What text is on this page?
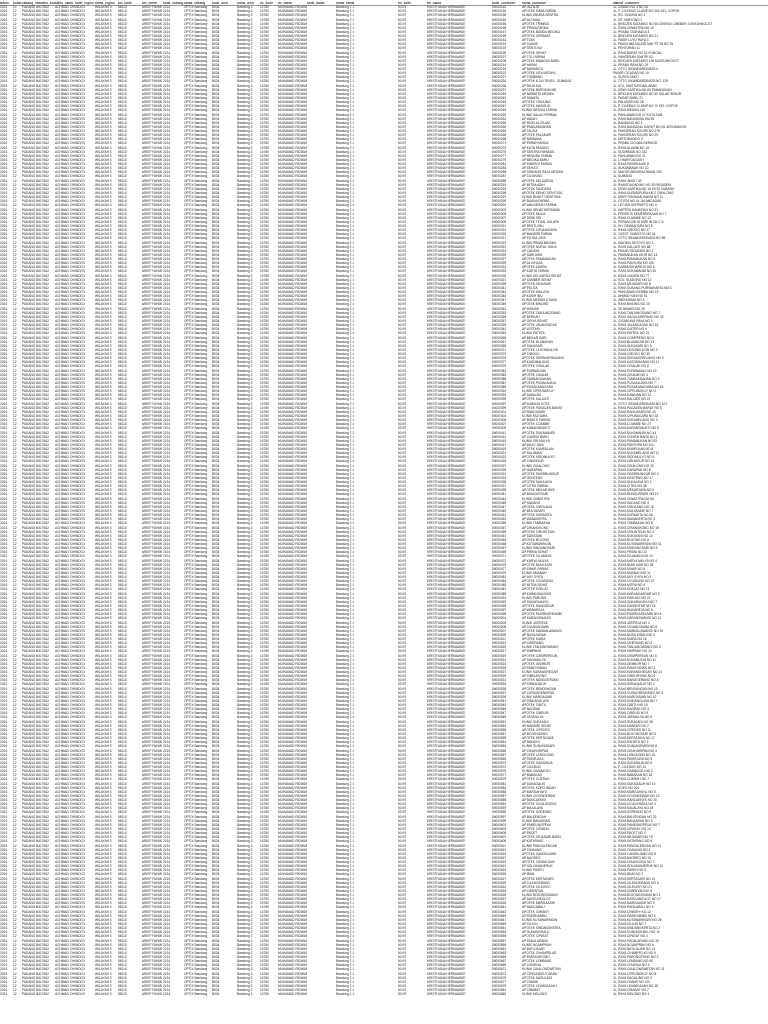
tahun	bulan cabang_na sales_ko sales_nama kode_region nama_region am_kode	am_nama	kode_cabang nama_cabang	kode_area	nama_area	dc_kode	dc_nama	kode_kanal	nama_kanal	tm_kode	tm_nama	kode_customer	nama_customer	alamat_customer
2024	12	PADANG BA 17662	ACHMAD CH INDO3	WILAYAH 3	58110	ARIEF FAHMI 2134	OPTIX Bandung	B034	Bandung 3	14780	MUHAMAD RIDWAN	Bandung 2 1	50.09	KRISTIYANA HERMAWATI	50000145	AP. ALFAJR	JL. GRAND NO 3 NO 25
2024	12	PADANG BA 17662	ACHMAD CH INDO3	WILAYAH 3	58110	ARIEF FAHMI 2134	OPTIX Bandung	B034	Bandung 3	14780	MUHAMAD RIDWAN	Bandung 2 1	50.09	KRISTIYANA HERMAWATI	50000146	APOTEK KIMIA FARMA	JL. P. CILEDUG CLUMP NO 101 KEL. KOPOK
2024	12	PADANG BA 17662	ACHMAD CH INDO3	WILAYAH 3	58110	ARIEF FAHMI 2134	OPTIX Bandung	B034	Bandung 3	14780	MUHAMAD RIDWAN	Bandung 2 1	50.09	KRISTIYANA HERMAWATI	50000158	KLINIK ANNISA SENTRA	JL. RD. SUDAYA NO 1
2024	12	PADANG BA 17662	ACHMAD CH INDO3	WILAYAH 3	58110	ARIEF FAHMI 2134	OPTIX Bandung	B034	Bandung 3	14780	MUHAMAD RIDWAN	Bandung 2 1	50.09	KRISTIYANA HERMAWATI	50000162	AP.ALFIANA	JL. MT HARYONO 2
2024	12	PADANG BA 17662	ACHMAD CH INDO3	WILAYAH 3	58110	ARIEF FAHMI 2134	OPTIX Bandung	B034	Bandung 3	14780	MUHAMAD RIDWAN	Bandung 2 1	50.09	KRISTIYANA HERMAWATI	50000165	APOTEK TRIMEDI	JL. BRIGJEN KATAMSO NO 65 CIKERAI CIBEBER, DAYEUHKOLOT
2024	12	PADANG BA 17662	ACHMAD CH INDO3	WILAYAH 3	58110	ARIEF FAHMI 2134	OPTIX Bandung	B034	Bandung 3	14780	MUHAMAD RIDWAN	Bandung 2 1	50.09	KRISTIYANA HERMAWATI	50000166	AP.PRIMA FARMA	JL. RAYA CIWASTRA NO 10
2024	12	PADANG BA 17662	ACHMAD CH INDO3	WILAYAH 3	58110	ARIEF FAHMI 2134	OPTIX Bandung	B034	Bandung 3	14780	MUHAMAD RIDWAN	Bandung 2 1	50.09	KRISTIYANA HERMAWATI	50000167	APOTEK BUNDA MEDIKA	JL. PRABU TAJIHAULA 4
2024	12	PADANG BA 17662	ACHMAD CH INDO3	WILAYAH 3	58110	ARIEF FAHMI 2134	OPTIX Bandung	B034	Bandung 3	14780	MUHAMAD RIDWAN	Bandung 2 1	50.09	KRISTIYANA HERMAWATI	50000169	APOTEK CERIMAS	JL. BRIGJEN KATAMSO NO 21
2024	12	PADANG BA 17662	ACHMAD CH INDO3	WILAYAH 3	58110	ARIEF FAHMI 2134	OPTIX Bandung	B034	Bandung 3	14780	MUHAMAD RIDWAN	Bandung 2 1	50.09	KRISTIYANA HERMAWATI	50000181	AP.TUMI	JL. PASIR LUYU RAYA 3
2024	12	PADANG BA 17662	ACHMAD CH INDO3	WILAYAH 3	58110	ARIEF FAHMI 2134	OPTIX Bandung	B034	Bandung 3	14780	MUHAMAD RIDWAN	Bandung 2 1	50.09	KRISTIYANA HERMAWATI	50000191	AP.CIAMIS	JL. PANGLIMA MAJOR MAY PT 28 NO 25
2024	12	PADANG BA 17662	ACHMAD CH INDO3	WILAYAH 3	58110	ARIEF FAHMI 2134	OPTIX Bandung	B034	Bandung 3	14780	MUHAMAD RIDWAN	Bandung 2 1	50.09	KRISTIYANA HERMAWATI	50000193	AP.SENTOSA	JL. PENTURAN 11
2024	12	PADANG BA 17662	ACHMAD CH INDO3	WILAYAH 3	58110	ARIEF FAHMI 2134	OPTIX Bandung	B034	Bandung 3	14780	MUHAMAD RIDWAN	Bandung 2 1	50.09	KRISTIYANA HERMAWATI	50000195	APOTEK SEHAT	JL. RAYA BARAT NO 51 PUNCAK
2024	12	PADANG BA 17662	ACHMAD CH INDO3	WILAYAH 3	58110	ARIEF FAHMI 2134	OPTIX Bandung	B034	Bandung 3	14780	MUHAMAD RIDWAN	Bandung 2 1	50.09	KRISTIYANA HERMAWATI	50000197	AP.TOLI NIRWA	JL. PANGERAN SANTRI 62
2024	12	PADANG BA 17662	ACHMAD CH INDO3	WILAYAH 3	58110	ARIEF FAHMI 2134	OPTIX Bandung	B034	Bandung 3	14780	MUHAMAD RIDWAN	Bandung 2 1	50.09	KRISTIYANA HERMAWATI	50000205	APOTEK WANGSA BARU	JL. BRIGJEN KATAMSO 199 DAYEUHKOLOT
2024	12	PADANG BA 17662	ACHMAD CH INDO3	WILAYAH 3	58110	ARIEF FAHMI 2134	OPTIX Bandung	B034	Bandung 3	14780	MUHAMAD RIDWAN	Bandung 2 1	50.09	KRISTIYANA HERMAWATI	50000214	AP.HAKIM	JL. PRABU RAYA NO 29
2024	12	PADANG BA 17662	ACHMAD CH INDO3	WILAYAH 3	58110	ARIEF FAHMI 2134	OPTIX Bandung	B034	Bandung 3	14780	MUHAMAD RIDWAN	Bandung 2 1	50.09	KRISTIYANA HERMAWATI	50000219	AP.NAMANGO	JL. OTTO ISKANDARDINATA 4
2024	12	PADANG BA 17662	ACHMAD CH INDO3	WILAYAH 3	58110	ARIEF FAHMI 2134	OPTIX Bandung	B034	Bandung 3	14780	MUHAMAD RIDWAN	Bandung 2 1	50.09	KRISTIYANA HERMAWATI	50000222	APOTEK VITA MEDIKA	PASAR CICADAS NO 19
2024	12	PADANG BA 17662	ACHMAD CH INDO3	WILAYAH 3	58110	ARIEF FAHMI 2134	OPTIX Bandung	B034	Bandung 3	14780	MUHAMAD RIDWAN	Bandung 2 1	50.09	KRISTIYANA HERMAWATI	50000227	AP.TUMBANG	JL. SURYA SAKTI
2024	12	PADANG BA 17662	ACHMAD CH INDO3	WILAYAH 3	58110	ARIEF FAHMI 2134	OPTIX Bandung	B034	Bandung 3	14780	MUHAMAD RIDWAN	Bandung 2 1	50.09	KRISTIYANA HERMAWATI	50000234	APOTEK K-24 ITENTA - SUMANG	JL. OTTO ISKANDARDINATA NO. 129
2024	12	PADANG BA 17662	ACHMAD CH INDO3	WILAYAH 3	58110	ARIEF FAHMI 2134	OPTIX Bandung	B034	Bandung 3	14780	MUHAMAD RIDWAN	Bandung 2 1	50.09	KRISTIYANA HERMAWATI	50000236	AP.RAJA IDA	JL. KOL. MASTURI MALABAR
2024	12	PADANG BA 17662	ACHMAD CH INDO3	WILAYAH 3	58110	ARIEF FAHMI 2134	OPTIX Bandung	B034	Bandung 3	14780	MUHAMAD RIDWAN	Bandung 2 1	50.09	KRISTIYANA HERMAWATI	50000237	APOTEK BAROKAH 88	JL. DEWI SARTIKA NO 65 PAMANUKAN
2024	12	PADANG BA 17662	ACHMAD CH INDO3	WILAYAH 3	58110	ARIEF FAHMI 2134	OPTIX Bandung	B034	Bandung 3	14780	MUHAMAD RIDWAN	Bandung 2 1	50.09	KRISTIYANA HERMAWATI	50000240	AP.NAWATRI MEDIKA	JL. BRIGJEN KATAMSO NO 40 SALAE SEBUR
2024	12	PADANG BA 17662	ACHMAD CH INDO3	WILAYAH 3	58110	ARIEF FAHMI 2134	OPTIX Bandung	B034	Bandung 3	14780	MUHAMAD RIDWAN	Bandung 2 1	50.09	KRISTIYANA HERMAWATI	50000243	AP.SANATA	JL. PASAR BARU 21
2024	12	PADANG BA 17662	ACHMAD CH INDO3	WILAYAH 3	58110	ARIEF FAHMI 2134	OPTIX Bandung	B034	Bandung 3	14780	MUHAMAD RIDWAN	Bandung 2 1	50.09	KRISTIYANA HERMAWATI	50000245	APOTEK TANJUNG	JL. PALASARI NO 26
2024	12	PADANG BA 17662	ACHMAD CH INDO3	WILAYAH 3	58110	ARIEF FAHMI 2134	OPTIX Bandung	B034	Bandung 3	14780	MUHAMAD RIDWAN	Bandung 2 1	50.09	KRISTIYANA HERMAWATI	50000247	APOTEK MANGLID	JL. P. CILEDUG CLUMP NO 70 KEL. KOPOK
2024	12	PADANG BA 17662	ACHMAD CH INDO3	WILAYAH 3	58110	ARIEF FAHMI 2134	OPTIX Bandung	B034	Bandung 3	14780	MUHAMAD RIDWAN	Bandung 2 1	50.09	KRISTIYANA HERMAWATI	50000249	KLINIK MEDIKA FARMA	JL. RAYA MEDIKA 116
2024	12	PADANG BA 17662	ACHMAD CH INDO3	WILAYAH 3	58110	ARIEF FAHMI 2134	OPTIX Bandung	B034	Bandung 3	14780	MUHAMAD RIDWAN	Bandung 2 1	50.09	KRISTIYANA HERMAWATI	50000252	KLINIK SALAH PERMAI	JL. PAHLAWAN NO 47 KOTA SUB
2024	12	PADANG BA 17662	ACHMAD CH INDO3	WILAYAH 3	58110	ARIEF FAHMI 2134	OPTIX Bandung	B034	Bandung 3	14780	MUHAMAD RIDWAN	Bandung 2 1	50.09	KRISTIYANA HERMAWATI	50000253	AP.INDAH	JL. RAYA BANJARAN KM 25
2024	12	PADANG BA 17662	ACHMAD CH INDO3	WILAYAH 3	58110	ARIEF FAHMI 2134	OPTIX Bandung	B034	Bandung 3	14780	MUHAMAD RIDWAN	Bandung 2 1	50.09	KRISTIYANA HERMAWATI	50000255	AP.RIZKI AL ISLAM	JL. BANDUNG NO 1
2024	12	PADANG BA 17662	ACHMAD CH INDO3	WILAYAH 3	58110	ARIEF FAHMI 2134	OPTIX Bandung	B034	Bandung 3	14780	MUHAMAD RIDWAN	Bandung 2 1	50.09	KRISTIYANA HERMAWATI	50000260	AP.PANGANDARAN	JL. RAYA BANDUNG GARUT NO 25 JATINANGOR
2024	12	PADANG BA 17662	ACHMAD CH INDO3	WILAYAH 3	58110	ARIEF FAHMI 2134	OPTIX Bandung	B034	Bandung 3	14780	MUHAMAD RIDWAN	Bandung 2 1	50.09	KRISTIYANA HERMAWATI	50000264	AP.TALIKA	JL. PANGERAN SOGIRI NO 278
2024	12	PADANG BA 17662	ACHMAD CH INDO3	WILAYAH 3	58110	ARIEF FAHMI 2134	OPTIX Bandung	B034	Bandung 3	14780	MUHAMAD RIDWAN	Bandung 2 1	50.09	KRISTIYANA HERMAWATI	50000266	APOTEK PALAKARI	JL. PANGERAN SOGIRI NO 29
2024	12	PADANG BA 17662	ACHMAD CH INDO3	WILAYAH 3	58110	ARIEF FAHMI 2134	OPTIX Bandung	B034	Bandung 3	14780	MUHAMAD RIDWAN	Bandung 2 1	50.09	KRISTIYANA HERMAWATI	50000268	AP.NIRWANA	JL. KIRTONADIDO 4
2024	12	PADANG BA 17662	ACHMAD CH INDO3	WILAYAH 3	58110	ARIEF FAHMI 2134	OPTIX Bandung	B034	Bandung 3	14780	MUHAMAD RIDWAN	Bandung 2 1	50.09	KRISTIYANA HERMAWATI	50000271	AP.PARAHYANGA	JL. PRABU CICUMA GERAGD
2024	12	PADANG BA 17662	ACHMAD CH INDO3	WILAYAH 3	58110	ARIEF FAHMI 2134	OPTIX Bandung	B034	Bandung 3	14780	MUHAMAD RIDWAN	Bandung 2 1	50.09	KRISTIYANA HERMAWATI	50000273	AP.KUTA PASUNG	JL. RAYA ALUMNI NO 19
2024	12	PADANG BA 17662	ACHMAD CH INDO3	WILAYAH 3	58110	ARIEF FAHMI 2134	OPTIX Bandung	B034	Bandung 3	14780	MUHAMAD RIDWAN	Bandung 2 1	50.09	KRISTIYANA HERMAWATI	50000275	AP.SENTRA FARMASI	JL. SUDIRMAN NO 162
2024	12	PADANG BA 17662	ACHMAD CH INDO3	WILAYAH 3	58110	ARIEF FAHMI 2134	OPTIX Bandung	B034	Bandung 3	14780	MUHAMAD RIDWAN	Bandung 2 1	50.09	KRISTIYANA HERMAWATI	50000277	AP.HENDRA FARMA	JL. PAHLAWAN NO 21
2024	12	PADANG BA 17662	ACHMAD CH INDO3	WILAYAH 3	58110	ARIEF FAHMI 2134	OPTIX Bandung	B034	Bandung 3	14780	MUHAMAD RIDWAN	Bandung 2 1	50.09	KRISTIYANA HERMAWATI	50000279	AP.MEDIKA BARU	JL. LI HARYOAGATH
2024	12	PADANG BA 17662	ACHMAD CH INDO3	WILAYAH 3	58110	ARIEF FAHMI 2134	OPTIX Bandung	B034	Bandung 3	14780	MUHAMAD RIDWAN	Bandung 2 1	50.09	KRISTIYANA HERMAWATI	50000281	AP.SINERGI FARMA	JL. RAYA PASIRKALIKI 8
2024	12	PADANG BA 17662	ACHMAD CH INDO3	WILAYAH 3	58110	ARIEF FAHMI 2134	OPTIX Bandung	B034	Bandung 3	14780	MUHAMAD RIDWAN	Bandung 2 1	50.09	KRISTIYANA HERMAWATI	50000283	AP.SEHATI	JL. SUKAMANAH NO 10
2024	12	PADANG BA 17662	ACHMAD CH INDO3	WILAYAH 3	58110	ARIEF FAHMI 2134	OPTIX Bandung	B034	Bandung 3	14780	MUHAMAD RIDWAN	Bandung 2 1	50.09	KRISTIYANA HERMAWATI	50000285	AP.SINDANG RAJA MEDIKA	JL. MAYOR ABDURACHMAN 192
2024	12	PADANG BA 17662	ACHMAD CH INDO3	WILAYAH 3	58110	ARIEF FAHMI 2134	OPTIX Bandung	B034	Bandung 3	14780	MUHAMAD RIDWAN	Bandung 2 1	50.09	KRISTIYANA HERMAWATI	50000287	AP.CILIWUNG	JL. SUMANG
2024	12	PADANG BA 17662	ACHMAD CH INDO3	WILAYAH 3	58110	ARIEF FAHMI 2134	OPTIX Bandung	B034	Bandung 3	14780	MUHAMAD RIDWAN	Bandung 2 1	50.09	KRISTIYANA HERMAWATI	50000289	APOTEK KELUARGA	JL. RAYA JINGIT 40
2024	12	PADANG BA 17662	ACHMAD CH INDO3	WILAYAH 3	58110	ARIEF FAHMI 2134	OPTIX Bandung	B034	Bandung 3	14780	MUHAMAD RIDWAN	Bandung 2 1	50.09	KRISTIYANA HERMAWATI	50000291	AP.MITRA ASIH	JL. RANGGAGADING NO 30 PAGADEN
2024	12	PADANG BA 17662	ACHMAD CH INDO3	WILAYAH 3	58110	ARIEF FAHMI 2134	OPTIX Bandung	B034	Bandung 3	14780	MUHAMAD RIDWAN	Bandung 2 1	50.09	KRISTIYANA HERMAWATI	50000293	APOTEK SAUDARA	JL. DEWI SARTIKA NO 18 KOTA SUBANG
2024	12	PADANG BA 17662	ACHMAD CH INDO3	WILAYAH 3	58110	ARIEF FAHMI 2134	OPTIX Bandung	B034	Bandung 3	14780	MUHAMAD RIDWAN	Bandung 2 1	50.09	KRISTIYANA HERMAWATI	50000295	APOTEK SEHAT SENTOSA	JL. RAYA SURADIPURA KM 2 CIBALONG
2024	12	PADANG BA 17662	ACHMAD CH INDO3	WILAYAH 3	58110	ARIEF FAHMI 2134	OPTIX Bandung	B034	Bandung 3	14780	MUHAMAD RIDWAN	Bandung 2 1	50.09	KRISTIYANA HERMAWATI	50000297	KLINIK BHAKTI SENTOSA	JL. ARIEF RAHMAN HAKIM NO 11
2024	12	PADANG BA 17662	ACHMAD CH INDO3	WILAYAH 3	58110	ARIEF FAHMI 2134	OPTIX Bandung	B034	Bandung 3	14780	MUHAMAD RIDWAN	Bandung 2 1	50.09	KRISTIYANA HERMAWATI	50000299	AP.BUANA FARMA	JL. OTISTA NO 44 JALANCAGAK
2024	12	PADANG BA 17662	ACHMAD CH INDO3	WILAYAH 3	58110	ARIEF FAHMI 2134	OPTIX Bandung	B034	Bandung 3	14780	MUHAMAD RIDWAN	Bandung 2 1	50.09	KRISTIYANA HERMAWATI	50000301	AP.ANUGERAH FARMA	JL. LETJEN SUPRAPTO NO 3
2024	12	PADANG BA 17662	ACHMAD CH INDO3	WILAYAH 3	58110	ARIEF FAHMI 2134	OPTIX Bandung	B034	Bandung 3	14780	MUHAMAD RIDWAN	Bandung 2 1	50.09	KRISTIYANA HERMAWATI	50000303	KLINIK SEHAT BERSAMA	JL. KAPTEN HANAFIAH NO 51
2024	12	PADANG BA 17662	ACHMAD CH INDO3	WILAYAH 3	58110	ARIEF FAHMI 2134	OPTIX Bandung	B034	Bandung 3	14780	MUHAMAD RIDWAN	Bandung 2 1	50.09	KRISTIYANA HERMAWATI	50000305	APOTEK MULIA	JL. PERINTIS KEMERDEKAAN NO 7
2024	12	PADANG BA 17662	ACHMAD CH INDO3	WILAYAH 3	58110	ARIEF FAHMI 2134	OPTIX Bandung	B034	Bandung 3	14780	MUHAMAD RIDWAN	Bandung 2 1	50.09	KRISTIYANA HERMAWATI	50000307	AP.DEWI SRI	JL. RAYA CIJAMBE NO 12
2024	12	PADANG BA 17662	ACHMAD CH INDO3	WILAYAH 3	58110	ARIEF FAHMI 2134	OPTIX Bandung	B034	Bandung 3	14780	MUHAMAD RIDWAN	Bandung 2 1	50.09	KRISTIYANA HERMAWATI	50000309	APOTEK TEGAL KALAPA	JL. PERUM GRIYA ASRI BLOK C 5
2024	12	PADANG BA 17662	ACHMAD CH INDO3	WILAYAH 3	58110	ARIEF FAHMI 2134	OPTIX Bandung	B034	Bandung 3	14780	MUHAMAD RIDWAN	Bandung 2 1	50.09	KRISTIYANA HERMAWATI	50000311	AP.RESTU IBU	JL. KH. DEWANTARA NO 8
2024	12	PADANG BA 17662	ACHMAD CH INDO3	WILAYAH 3	58110	ARIEF FAHMI 2134	OPTIX Bandung	B034	Bandung 3	14780	MUHAMAD RIDWAN	Bandung 2 1	50.09	KRISTIYANA HERMAWATI	50000313	APOTEK CIPUNAGARA	JL. RAYA CIBOGO NO 17
2024	12	PADANG BA 17662	ACHMAD CH INDO3	WILAYAH 3	58110	ARIEF FAHMI 2134	OPTIX Bandung	B034	Bandung 3	14780	MUHAMAD RIDWAN	Bandung 2 1	50.09	KRISTIYANA HERMAWATI	50000315	AP.MANDIRI FARMA	JL. GATOT SUBROTO NO 24
2024	12	PADANG BA 17662	ACHMAD CH INDO3	WILAYAH 3	58110	ARIEF FAHMI 2134	OPTIX Bandung	B034	Bandung 3	14780	MUHAMAD RIDWAN	Bandung 2 1	50.09	KRISTIYANA HERMAWATI	50000317	AP.PUTRA JAYA	JL. OTTO ISKANDARDINATA NO 56
2024	12	PADANG BA 17662	ACHMAD CH INDO3	WILAYAH 3	58110	ARIEF FAHMI 2134	OPTIX Bandung	B034	Bandung 3	14780	MUHAMAD RIDWAN	Bandung 2 1	50.09	KRISTIYANA HERMAWATI	50000319	KLINIK PRIMA MEDIKA	JL. MAYJEN SUTOYO NO 3
2024	12	PADANG BA 17662	ACHMAD CH INDO3	WILAYAH 3	58110	ARIEF FAHMI 2134	OPTIX Bandung	B034	Bandung 3	14780	MUHAMAD RIDWAN	Bandung 2 1	50.09	KRISTIYANA HERMAWATI	50000321	APOTEK NURUL HUDA	JL. RAYA KALIJATI NO 88
2024	12	PADANG BA 17662	ACHMAD CH INDO3	WILAYAH 3	58110	ARIEF FAHMI 2134	OPTIX Bandung	B034	Bandung 3	14780	MUHAMAD RIDWAN	Bandung 2 1	50.09	KRISTIYANA HERMAWATI	50000323	AP.CAHAYA	JL. PASAR PAGADEN NO 2
2024	12	PADANG BA 17662	ACHMAD CH INDO3	WILAYAH 3	58110	ARIEF FAHMI 2134	OPTIX Bandung	B034	Bandung 3	14780	MUHAMAD RIDWAN	Bandung 2 1	50.09	KRISTIYANA HERMAWATI	50000325	AP.SARI ASIH	JL. PAMANUKAN HILIR NO 14
2024	12	PADANG BA 17662	ACHMAD CH INDO3	WILAYAH 3	58110	ARIEF FAHMI 2134	OPTIX Bandung	B034	Bandung 3	14780	MUHAMAD RIDWAN	Bandung 2 1	50.09	KRISTIYANA HERMAWATI	50000327	APOTEK PAMANUKAN	JL. RAYA PAMANUKAN NO 9
2024	12	PADANG BA 17662	ACHMAD CH INDO3	WILAYAH 3	58110	ARIEF FAHMI 2134	OPTIX Bandung	B034	Bandung 3	14780	MUHAMAD RIDWAN	Bandung 2 1	50.09	KRISTIYANA HERMAWATI	50000329	AP.AL IKHLAS	JL. RAYA PANTURA KM 106
2024	12	PADANG BA 17662	ACHMAD CH INDO3	WILAYAH 3	58110	ARIEF FAHMI 2134	OPTIX Bandung	B034	Bandung 3	14780	MUHAMAD RIDWAN	Bandung 2 1	50.09	KRISTIYANA HERMAWATI	50000331	APOTEK ZAHRA	JL. DARMODIHARDJO NO 5
2024	12	PADANG BA 17662	ACHMAD CH INDO3	WILAYAH 3	58110	ARIEF FAHMI 2134	OPTIX Bandung	B034	Bandung 3	14780	MUHAMAD RIDWAN	Bandung 2 1	50.09	KRISTIYANA HERMAWATI	50000333	AP.KARYA FARMA	JL. RAYA SUKAMANDI NO 40
2024	12	PADANG BA 17662	ACHMAD CH INDO3	WILAYAH 3	58110	ARIEF FAHMI 2134	OPTIX Bandung	B034	Bandung 3	14780	MUHAMAD RIDWAN	Bandung 2 1	50.09	KRISTIYANA HERMAWATI	50000335	KLINIK KELUARGA SEHAT	JL. RAYA CIASEM NO 77
2024	12	PADANG BA 17662	ACHMAD CH INDO3	WILAYAH 3	58110	ARIEF FAHMI 2134	OPTIX Bandung	B034	Bandung 3	14780	MUHAMAD RIDWAN	Bandung 2 1	50.09	KRISTIYANA HERMAWATI	50000337	AP.SUMBER SEHAT	JL. KOL. SUGIONO NO 12
2024	12	PADANG BA 17662	ACHMAD CH INDO3	WILAYAH 3	58110	ARIEF FAHMI 2134	OPTIX Bandung	B034	Bandung 3	14780	MUHAMAD RIDWAN	Bandung 2 1	50.09	KRISTIYANA HERMAWATI	50000339	APOTEK ARJASARI	JL. RAYA ARJASARI NO 8
2024	12	PADANG BA 17662	ACHMAD CH INDO3	WILAYAH 3	58110	ARIEF FAHMI 2134	OPTIX Bandung	B034	Bandung 3	14780	MUHAMAD RIDWAN	Bandung 2 1	50.09	KRISTIYANA HERMAWATI	50000341	AP.PELITA	JL. RAYA SUBANG PURWAKARTA KM 3
2024	12	PADANG BA 17662	ACHMAD CH INDO3	WILAYAH 3	58110	ARIEF FAHMI 2134	OPTIX Bandung	B034	Bandung 3	14780	MUHAMAD RIDWAN	Bandung 2 1	50.09	KRISTIYANA HERMAWATI	50000343	APOTEK WALUYA	JL. PAHLAWAN SERIBU NO 19
2024	12	PADANG BA 17662	ACHMAD CH INDO3	WILAYAH 3	58110	ARIEF FAHMI 2134	OPTIX Bandung	B034	Bandung 3	14780	MUHAMAD RIDWAN	Bandung 2 1	50.09	KRISTIYANA HERMAWATI	50000345	AP.KASIH IBU	JL. AHMAD YANI NO 61
2024	12	PADANG BA 17662	ACHMAD CH INDO3	WILAYAH 3	58110	ARIEF FAHMI 2134	OPTIX Bandung	B034	Bandung 3	14780	MUHAMAD RIDWAN	Bandung 2 1	50.09	KRISTIYANA HERMAWATI	50000347	KLINIK MEDIKA UTAMA	JL. WERATAMA NO 3
2024	12	PADANG BA 17662	ACHMAD CH INDO3	WILAYAH 3	58110	ARIEF FAHMI 2134	OPTIX Bandung	B034	Bandung 3	14780	MUHAMAD RIDWAN	Bandung 2 1	50.09	KRISTIYANA HERMAWATI	50000349	APOTEK BINONG	JL. RAYA BINONG NO 10
2024	12	PADANG BA 17662	ACHMAD CH INDO3	WILAYAH 3	58110	ARIEF FAHMI 2134	OPTIX Bandung	B034	Bandung 3	14780	MUHAMAD RIDWAN	Bandung 2 1	50.09	KRISTIYANA HERMAWATI	50000351	AP.HIKMAH	JL. SILIWANGI NO 25
2024	12	PADANG BA 17662	ACHMAD CH INDO3	WILAYAH 3	58110	ARIEF FAHMI 2134	OPTIX Bandung	B034	Bandung 3	14780	MUHAMAD RIDWAN	Bandung 2 1	50.09	KRISTIYANA HERMAWATI	50000353	APOTEK TANJUNGSIANG	JL. RAYA TANJUNGSIANG NO 7
2024	12	PADANG BA 17662	ACHMAD CH INDO3	WILAYAH 3	58110	ARIEF FAHMI 2134	OPTIX Bandung	B034	Bandung 3	14780	MUHAMAD RIDWAN	Bandung 2 1	50.09	KRISTIYANA HERMAWATI	50000355	AP.BERKAH	JL. RAYA SAGALAHERANG NO 33
2024	12	PADANG BA 17662	ACHMAD CH INDO3	WILAYAH 3	58110	ARIEF FAHMI 2134	OPTIX Bandung	B034	Bandung 3	14780	MUHAMAD RIDWAN	Bandung 2 1	50.09	KRISTIYANA HERMAWATI	50000357	AP.GRIYA SEHAT	JL. CIGADUNG RAYA NO 2
2024	12	PADANG BA 17662	ACHMAD CH INDO3	WILAYAH 3	58110	ARIEF FAHMI 2134	OPTIX Bandung	B034	Bandung 3	14780	MUHAMAD RIDWAN	Bandung 2 1	50.09	KRISTIYANA HERMAWATI	50000359	APOTEK JALANCAGAK	JL. RAYA JALANCAGAK NO 15
2024	12	PADANG BA 17662	ACHMAD CH INDO3	WILAYAH 3	58110	ARIEF FAHMI 2134	OPTIX Bandung	B034	Bandung 3	14780	MUHAMAD RIDWAN	Bandung 2 1	50.09	KRISTIYANA HERMAWATI	50000361	AP.LESTARI	JL. RAYA CIATER NO 4
2024	12	PADANG BA 17662	ACHMAD CH INDO3	WILAYAH 3	58110	ARIEF FAHMI 2134	OPTIX Bandung	B034	Bandung 3	14780	MUHAMAD RIDWAN	Bandung 2 1	50.09	KRISTIYANA HERMAWATI	50000363	KLINIK PATROL	JL. RAYA PATROL NO 21
2024	12	PADANG BA 17662	ACHMAD CH INDO3	WILAYAH 3	58110	ARIEF FAHMI 2134	OPTIX Bandung	B034	Bandung 3	14780	MUHAMAD RIDWAN	Bandung 2 1	50.09	KRISTIYANA HERMAWATI	50000365	AP.MEKAR SARI	JL. RAYA COMPRENG NO 6
2024	12	PADANG BA 17662	ACHMAD CH INDO3	WILAYAH 3	58110	ARIEF FAHMI 2134	OPTIX Bandung	B034	Bandung 3	14780	MUHAMAD RIDWAN	Bandung 2 1	50.09	KRISTIYANA HERMAWATI	50000367	APOTEK BLANAKAN	JL. RAYA BLANAKAN NO 13
2024	12	PADANG BA 17662	ACHMAD CH INDO3	WILAYAH 3	58110	ARIEF FAHMI 2134	OPTIX Bandung	B034	Bandung 3	14780	MUHAMAD RIDWAN	Bandung 2 1	50.09	KRISTIYANA HERMAWATI	50000369	AP.SUKASARI	JL. RAYA SUKASARI NO 9
2024	12	PADANG BA 17662	ACHMAD CH INDO3	WILAYAH 3	58110	ARIEF FAHMI 2134	OPTIX Bandung	B034	Bandung 3	14780	MUHAMAD RIDWAN	Bandung 2 1	50.09	KRISTIYANA HERMAWATI	50000371	APOTEK LEGONKULON	JL. RAYA LEGONKULON NO 2
2024	12	PADANG BA 17662	ACHMAD CH INDO3	WILAYAH 3	58110	ARIEF FAHMI 2134	OPTIX Bandung	B034	Bandung 3	14780	MUHAMAD RIDWAN	Bandung 2 1	50.09	KRISTIYANA HERMAWATI	50000373	AP.CIBOGO	JL. RAYA CIBOGO NO 30
2024	12	PADANG BA 17662	ACHMAD CH INDO3	WILAYAH 3	58110	ARIEF FAHMI 2134	OPTIX Bandung	B034	Bandung 3	14780	MUHAMAD RIDWAN	Bandung 2 1	50.09	KRISTIYANA HERMAWATI	50000375	APOTEK SERANGPANJANG	JL. RAYA SERANGPANJANG NO 5
2024	12	PADANG BA 17662	ACHMAD CH INDO3	WILAYAH 3	58110	ARIEF FAHMI 2134	OPTIX Bandung	B034	Bandung 3	14780	MUHAMAD RIDWAN	Bandung 2 1	50.09	KRISTIYANA HERMAWATI	50000377	AP.KASOMALANG	JL. RAYA KASOMALANG NO 11
2024	12	PADANG BA 17662	ACHMAD CH INDO3	WILAYAH 3	58110	ARIEF FAHMI 2134	OPTIX Bandung	B034	Bandung 3	14780	MUHAMAD RIDWAN	Bandung 2 1	50.09	KRISTIYANA HERMAWATI	50000379	APOTEK CISALAK	JL. RAYA CISALAK NO 8
2024	12	PADANG BA 17662	ACHMAD CH INDO3	WILAYAH 3	58110	ARIEF FAHMI 2134	OPTIX Bandung	B034	Bandung 3	14780	MUHAMAD RIDWAN	Bandung 2 1	50.09	KRISTIYANA HERMAWATI	50000381	AP.PURWADADI	JL. RAYA PURWADADI NO 19
2024	12	PADANG BA 17662	ACHMAD CH INDO3	WILAYAH 3	58110	ARIEF FAHMI 2134	OPTIX Bandung	B034	Bandung 3	14780	MUHAMAD RIDWAN	Bandung 2 1	50.09	KRISTIYANA HERMAWATI	50000383	APOTEK CIKAUM	JL. RAYA CIKAUM NO 4
2024	12	PADANG BA 17662	ACHMAD CH INDO3	WILAYAH 3	58110	ARIEF FAHMI 2134	OPTIX Bandung	B034	Bandung 3	14780	MUHAMAD RIDWAN	Bandung 2 1	50.09	KRISTIYANA HERMAWATI	50000385	AP.TAMBAKDAHAN	JL. RAYA TAMBAKDAHAN NO 3
2024	12	PADANG BA 17662	ACHMAD CH INDO3	WILAYAH 3	58110	ARIEF FAHMI 2134	OPTIX Bandung	B034	Bandung 3	14780	MUHAMAD RIDWAN	Bandung 2 1	50.09	KRISTIYANA HERMAWATI	50000387	APOTEK PUSAKAJAYA	JL. RAYA PUSAKAJAYA NO 7
2024	12	PADANG BA 17662	ACHMAD CH INDO3	WILAYAH 3	58110	ARIEF FAHMI 2134	OPTIX Bandung	B034	Bandung 3	14780	MUHAMAD RIDWAN	Bandung 2 1	50.09	KRISTIYANA HERMAWATI	50000389	AP.PUSAKANAGARA	JL. RAYA PUSAKANAGARA NO 16
2024	12	PADANG BA 17662	ACHMAD CH INDO3	WILAYAH 3	58110	ARIEF FAHMI 2134	OPTIX Bandung	B034	Bandung 3	14780	MUHAMAD RIDWAN	Bandung 2 1	50.09	KRISTIYANA HERMAWATI	50000391	KLINIK CIPEUNDEUY	JL. RAYA CIPEUNDEUY NO 2
2024	12	PADANG BA 17662	ACHMAD CH INDO3	WILAYAH 3	58110	ARIEF FAHMI 2134	OPTIX Bandung	B034	Bandung 3	14780	MUHAMAD RIDWAN	Bandung 2 1	50.09	KRISTIYANA HERMAWATI	50000393	AP.DAWUAN	JL. RAYA DAWUAN NO 12
2024	12	PADANG BA 17662	ACHMAD CH INDO3	WILAYAH 3	58110	ARIEF FAHMI 2134	OPTIX Bandung	B034	Bandung 3	14780	MUHAMAD RIDWAN	Bandung 2 1	50.09	KRISTIYANA HERMAWATI	50000395	APOTEK KALIJATI	JL. RAYA KALIJATI NO 21
2024	12	PADANG BA 17662	ACHMAD CH INDO3	WILAYAH 3	58110	ARIEF FAHMI 2134	OPTIX Bandung	B034	Bandung 3	14780	MUHAMAD RIDWAN	Bandung 2 1	50.09	KRISTIYANA HERMAWATI	50000397	AP.SUBANG KOTA	JL. OTTO ISKANDARDINATA NO 101
2024	12	PADANG BA 17662	ACHMAD CH INDO3	WILAYAH 3	58110	ARIEF FAHMI 2134	OPTIX Bandung	B034	Bandung 3	14780	MUHAMAD RIDWAN	Bandung 2 1	50.09	KRISTIYANA HERMAWATI	50000399	APOTEK PAGADEN BARAT	JL. RAYA PAGADEN BARAT NO 6
2024	12	PADANG BA 17662	ACHMAD CH INDO3	WILAYAH 3	58110	ARIEF FAHMI 2134	OPTIX Bandung	B034	Bandung 3	14780	MUHAMAD RIDWAN	Bandung 2 1	50.09	KRISTIYANA HERMAWATI	50000401	AP.RANCASARI	JL. RAYA RANCASARI NO 10
2024	12	PADANG BA 17662	ACHMAD CH INDO3	WILAYAH 3	58110	ARIEF FAHMI 2134	OPTIX Bandung	B034	Bandung 3	14780	MUHAMAD RIDWAN	Bandung 2 1	50.09	KRISTIYANA HERMAWATI	50000403	KLINIK MUTIARA	JL. RAYA CIPUNAGARA NO 18
2024	12	PADANG BA 17662	ACHMAD CH INDO3	WILAYAH 3	58110	ARIEF FAHMI 2134	OPTIX Bandung	B034	Bandung 3	14780	MUHAMAD RIDWAN	Bandung 2 1	50.09	KRISTIYANA HERMAWATI	50000405	AP.BHAKTI FARMA	JL. RAYA SUKAMELANG NO 3
2024	12	PADANG BA 17662	ACHMAD CH INDO3	WILAYAH 3	58110	ARIEF FAHMI 2134	OPTIX Bandung	B034	Bandung 3	14780	MUHAMAD RIDWAN	Bandung 2 1	50.09	KRISTIYANA HERMAWATI	50000407	APOTEK CIJAMBE	JL. RAYA CIJAMBE NO 27
2024	12	PADANG BA 17662	ACHMAD CH INDO3	WILAYAH 3	58110	ARIEF FAHMI 2134	OPTIX Bandung	B034	Bandung 3	14780	MUHAMAD RIDWAN	Bandung 2 1	50.09	KRISTIYANA HERMAWATI	50000409	AP.KARANGMUKTI	JL. RAYA KARANGMUKTI NO 9
2024	12	PADANG BA 17662	ACHMAD CH INDO3	WILAYAH 3	58110	ARIEF FAHMI 2134	OPTIX Bandung	B034	Bandung 3	14780	MUHAMAD RIDWAN	Bandung 2 1	50.09	KRISTIYANA HERMAWATI	50000411	APOTEK SUKAMANDI	JL. RAYA SUKAMANDI NO 44
2024	12	PADANG BA 17662	ACHMAD CH INDO3	WILAYAH 3	58110	ARIEF FAHMI 2134	OPTIX Bandung	B034	Bandung 3	14780	MUHAMAD RIDWAN	Bandung 2 1	50.09	KRISTIYANA HERMAWATI	50000413	AP.CIASEM BARU	JL. RAYA CIASEM BARU NO 1
2024	12	PADANG BA 17662	ACHMAD CH INDO3	WILAYAH 3	58110	ARIEF FAHMI 2134	OPTIX Bandung	B034	Bandung 3	14780	MUHAMAD RIDWAN	Bandung 2 1	50.09	KRISTIYANA HERMAWATI	50000415	KLINIK SRI MULYA	JL. RAYA PAMANUKAN NO 52
2024	12	PADANG BA 17662	ACHMAD CH INDO3	WILAYAH 3	58110	ARIEF FAHMI 2134	OPTIX Bandung	B034	Bandung 3	14780	MUHAMAD RIDWAN	Bandung 2 1	50.09	KRISTIYANA HERMAWATI	50000417	AP.MAJU JAYA	JL. RAYA PANTURA KM 110
2024	12	PADANG BA 17662	ACHMAD CH INDO3	WILAYAH 3	58110	ARIEF FAHMI 2134	OPTIX Bandung	B034	Bandung 3	14780	MUHAMAD RIDWAN	Bandung 2 1	50.09	KRISTIYANA HERMAWATI	50000419	APOTEK KUMPULAN	JL. RAYA KUMPULAN NO 8
2024	12	PADANG BA 17662	ACHMAD CH INDO3	WILAYAH 3	58110	ARIEF FAHMI 2134	OPTIX Bandung	B034	Bandung 3	14780	MUHAMAD RIDWAN	Bandung 2 1	50.09	KRISTIYANA HERMAWATI	50000421	AP.SALAMAH	JL. RAYA SUKAMELANG NO 11
2024	12	PADANG BA 17662	ACHMAD CH INDO3	WILAYAH 3	58110	ARIEF FAHMI 2134	OPTIX Bandung	B034	Bandung 3	14780	MUHAMAD RIDWAN	Bandung 2 1	50.09	KRISTIYANA HERMAWATI	50000423	APOTEK SIDOMULYO	JL. RAYA SIDOMULYO NO 5
2024	12	PADANG BA 17662	ACHMAD CH INDO3	WILAYAH 3	58110	ARIEF FAHMI 2134	OPTIX Bandung	B034	Bandung 3	14780	MUHAMAD RIDWAN	Bandung 2 1	50.09	KRISTIYANA HERMAWATI	50000425	AP.CIBUNGUR	JL. RAYA CIBUNGUR NO 14
2024	12	PADANG BA 17662	ACHMAD CH INDO3	WILAYAH 3	58110	ARIEF FAHMI 2134	OPTIX Bandung	B034	Bandung 3	14780	MUHAMAD RIDWAN	Bandung 2 1	50.09	KRISTIYANA HERMAWATI	50000427	KLINIK CIKALONG	JL. RAYA CIKALONG NO 20
2024	12	PADANG BA 17662	ACHMAD CH INDO3	WILAYAH 3	58110	ARIEF FAHMI 2134	OPTIX Bandung	B034	Bandung 3	14780	MUHAMAD RIDWAN	Bandung 2 1	50.09	KRISTIYANA HERMAWATI	50000429	AP.HARAPAN	JL. RAYA HARAPAN NO 6
2024	12	PADANG BA 17662	ACHMAD CH INDO3	WILAYAH 3	58110	ARIEF FAHMI 2134	OPTIX Bandung	B034	Bandung 3	14780	MUHAMAD RIDWAN	Bandung 2 1	50.09	KRISTIYANA HERMAWATI	50000431	APOTEK PASIRBUNGUR	JL. RAYA PASIRBUNGUR NO 3
2024	12	PADANG BA 17662	ACHMAD CH INDO3	WILAYAH 3	58110	ARIEF FAHMI 2134	OPTIX Bandung	B034	Bandung 3	14780	MUHAMAD RIDWAN	Bandung 2 1	50.09	KRISTIYANA HERMAWATI	50000433	AP.GENTENG	JL. RAYA GENTENG NO 17
2024	12	PADANG BA 17662	ACHMAD CH INDO3	WILAYAH 3	58110	ARIEF FAHMI 2134	OPTIX Bandung	B034	Bandung 3	14780	MUHAMAD RIDWAN	Bandung 2 1	50.09	KRISTIYANA HERMAWATI	50000435	APOTEK SUKAJAYA	JL. RAYA SUKAJAYA NO 2
2024	12	PADANG BA 17662	ACHMAD CH INDO3	WILAYAH 3	58110	ARIEF FAHMI 2134	OPTIX Bandung	B034	Bandung 3	14780	MUHAMAD RIDWAN	Bandung 2 1	50.09	KRISTIYANA HERMAWATI	50000437	AP.CITRA FARMA	JL. RAYA CITRA NO 38
2024	12	PADANG BA 17662	ACHMAD CH INDO3	WILAYAH 3	58110	ARIEF FAHMI 2134	OPTIX Bandung	B034	Bandung 3	14780	MUHAMAD RIDWAN	Bandung 2 1	50.09	KRISTIYANA HERMAWATI	50000439	APOTEK MEKARJAYA	JL. RAYA MEKARJAYA NO 9
2024	12	PADANG BA 17662	ACHMAD CH INDO3	WILAYAH 3	58110	ARIEF FAHMI 2134	OPTIX Bandung	B034	Bandung 3	14780	MUHAMAD RIDWAN	Bandung 2 1	50.09	KRISTIYANA HERMAWATI	50000441	AP.BUNGURSARI	JL. RAYA BUNGURSARI NO 12
2024	12	PADANG BA 17662	ACHMAD CH INDO3	WILAYAH 3	58110	ARIEF FAHMI 2134	OPTIX Bandung	B034	Bandung 3	14780	MUHAMAD RIDWAN	Bandung 2 1	50.09	KRISTIYANA HERMAWATI	50000443	KLINIK CIWASTRA	JL. RAYA CIWASTRA NO 64
2024	12	PADANG BA 17662	ACHMAD CH INDO3	WILAYAH 3	58110	ARIEF FAHMI 2134	OPTIX Bandung	B034	Bandung 3	14780	MUHAMAD RIDWAN	Bandung 2 1	50.09	KRISTIYANA HERMAWATI	50000445	AP.SADANG	JL. RAYA SADANG NO 4
2024	12	PADANG BA 17662	ACHMAD CH INDO3	WILAYAH 3	58110	ARIEF FAHMI 2134	OPTIX Bandung	B034	Bandung 3	14780	MUHAMAD RIDWAN	Bandung 2 1	50.09	KRISTIYANA HERMAWATI	50000447	APOTEK CIBOLANG	JL. RAYA CIBOLANG NO 15
2024	12	PADANG BA 17662	ACHMAD CH INDO3	WILAYAH 3	58110	ARIEF FAHMI 2134	OPTIX Bandung	B034	Bandung 3	14780	MUHAMAD RIDWAN	Bandung 2 1	50.09	KRISTIYANA HERMAWATI	50000449	AP.MULYASARI	JL. RAYA MULYASARI NO 7
2024	12	PADANG BA 17662	ACHMAD CH INDO3	WILAYAH 3	58110	ARIEF FAHMI 2134	OPTIX Bandung	B034	Bandung 3	14780	MUHAMAD RIDWAN	Bandung 2 1	50.09	KRISTIYANA HERMAWATI	50000451	APOTEK SURADITA	JL. RAYA SURADITA NO 26
2024	12	PADANG BA 17662	ACHMAD CH INDO3	WILAYAH 3	58110	ARIEF FAHMI 2134	OPTIX Bandung	B034	Bandung 3	14780	MUHAMAD RIDWAN	Bandung 2 1	50.09	KRISTIYANA HERMAWATI	50000453	AP.WANAKERTA	JL. RAYA WANAKERTA NO 3
2024	12	PADANG BA 17662	ACHMAD CH INDO3	WILAYAH 3	58110	ARIEF FAHMI 2134	OPTIX Bandung	B034	Bandung 3	14780	MUHAMAD RIDWAN	Bandung 2 1	50.09	KRISTIYANA HERMAWATI	50000455	KLINIK TAMBAKAN	JL. RAYA TAMBAKAN NO 8
2024	12	PADANG BA 17662	ACHMAD CH INDO3	WILAYAH 3	58110	ARIEF FAHMI 2134	OPTIX Bandung	B034	Bandung 3	14780	MUHAMAD RIDWAN	Bandung 2 1	50.09	KRISTIYANA HERMAWATI	50000457	AP.CIRANGKONG	JL. RAYA CIRANGKONG NO 19
2024	12	PADANG BA 17662	ACHMAD CH INDO3	WILAYAH 3	58110	ARIEF FAHMI 2134	OPTIX Bandung	B034	Bandung 3	14780	MUHAMAD RIDWAN	Bandung 2 1	50.09	KRISTIYANA HERMAWATI	50000459	APOTEK CIRUNTEUN	JL. RAYA CIRUNTEUN NO 2
2024	12	PADANG BA 17662	ACHMAD CH INDO3	WILAYAH 3	58110	ARIEF FAHMI 2134	OPTIX Bandung	B034	Bandung 3	14780	MUHAMAD RIDWAN	Bandung 2 1	50.09	KRISTIYANA HERMAWATI	50000461	AP.SUKATANI	JL. RAYA SUKATANI NO 10
2024	12	PADANG BA 17662	ACHMAD CH INDO3	WILAYAH 3	58110	ARIEF FAHMI 2134	OPTIX Bandung	B034	Bandung 3	14780	MUHAMAD RIDWAN	Bandung 2 1	50.09	KRISTIYANA HERMAWATI	50000463	APOTEK BOJONG	JL. RAYA BOJONG NO 6
2024	12	PADANG BA 17662	ACHMAD CH INDO3	WILAYAH 3	58110	ARIEF FAHMI 2134	OPTIX Bandung	B034	Bandung 3	14780	MUHAMAD RIDWAN	Bandung 2 1	50.09	KRISTIYANA HERMAWATI	50000465	AP.KUTAWARINGIN	JL. RAYA KUTAWARINGIN NO 31
2024	12	PADANG BA 17662	ACHMAD CH INDO3	WILAYAH 3	58110	ARIEF FAHMI 2134	OPTIX Bandung	B034	Bandung 3	14780	MUHAMAD RIDWAN	Bandung 2 1	50.09	KRISTIYANA HERMAWATI	50000467	KLINIK SINDANGSARI	JL. RAYA SINDANGSARI NO 5
2024	12	PADANG BA 17662	ACHMAD CH INDO3	WILAYAH 3	58110	ARIEF FAHMI 2134	OPTIX Bandung	B034	Bandung 3	14780	MUHAMAD RIDWAN	Bandung 2 1	50.09	KRISTIYANA HERMAWATI	50000469	AP.PRIMA SEHAT	JL. RAYA PRIMA NO 22
2024	12	PADANG BA 17662	ACHMAD CH INDO3	WILAYAH 3	58110	ARIEF FAHMI 2134	OPTIX Bandung	B034	Bandung 3	14780	MUHAMAD RIDWAN	Bandung 2 1	50.09	KRISTIYANA HERMAWATI	50000471	APOTEK CILAMAYA	JL. RAYA CILAMAYA NO 13
2024	12	PADANG BA 17662	ACHMAD CH INDO3	WILAYAH 3	58110	ARIEF FAHMI 2134	OPTIX Bandung	B034	Bandung 3	14780	MUHAMAD RIDWAN	Bandung 2 1	50.09	KRISTIYANA HERMAWATI	50000473	AP.KARYA MULYA	JL. RAYA KARYA MULYA NO 4
2024	12	PADANG BA 17662	ACHMAD CH INDO3	WILAYAH 3	58110	ARIEF FAHMI 2134	OPTIX Bandung	B034	Bandung 3	14780	MUHAMAD RIDWAN	Bandung 2 1	50.09	KRISTIYANA HERMAWATI	50000475	APOTEK BUMI ASIH	JL. RAYA BUMI ASIH NO 28
2024	12	PADANG BA 17662	ACHMAD CH INDO3	WILAYAH 3	58110	ARIEF FAHMI 2134	OPTIX Bandung	B034	Bandung 3	14780	MUHAMAD RIDWAN	Bandung 2 1	50.09	KRISTIYANA HERMAWATI	50000477	AP.SINAR FARMA	JL. RAYA SINAR NO 6
2024	12	PADANG BA 17662	ACHMAD CH INDO3	WILAYAH 3	58110	ARIEF FAHMI 2134	OPTIX Bandung	B034	Bandung 3	14780	MUHAMAD RIDWAN	Bandung 2 1	50.09	KRISTIYANA HERMAWATI	50000479	KLINIK AMANAH	JL. RAYA AMANAH NO 11
2024	12	PADANG BA 17662	ACHMAD CH INDO3	WILAYAH 3	58110	ARIEF FAHMI 2134	OPTIX Bandung	B034	Bandung 3	14780	MUHAMAD RIDWAN	Bandung 2 1	50.09	KRISTIYANA HERMAWATI	50000481	AP.ASY SYIFA	JL. RAYA ASY SYIFA NO 2
2024	12	PADANG BA 17662	ACHMAD CH INDO3	WILAYAH 3	58110	ARIEF FAHMI 2134	OPTIX Bandung	B034	Bandung 3	14780	MUHAMAD RIDWAN	Bandung 2 1	50.09	KRISTIYANA HERMAWATI	50000483	APOTEK CIGADUNG	JL. RAYA CIGADUNG NO 37
2024	12	PADANG BA 17662	ACHMAD CH INDO3	WILAYAH 3	58110	ARIEF FAHMI 2134	OPTIX Bandung	B034	Bandung 3	14780	MUHAMAD RIDWAN	Bandung 2 1	50.09	KRISTIYANA HERMAWATI	50000485	AP.MITRA SEHAT	JL. RAYA MITRA NO 9
2024	12	PADANG BA 17662	ACHMAD CH INDO3	WILAYAH 3	58110	ARIEF FAHMI 2134	OPTIX Bandung	B034	Bandung 3	14780	MUHAMAD RIDWAN	Bandung 2 1	50.09	KRISTIYANA HERMAWATI	50000487	APOTEK SOKLAT	JL. RAYA SOKLAT NO 14
2024	12	PADANG BA 17662	ACHMAD CH INDO3	WILAYAH 3	58110	ARIEF FAHMI 2134	OPTIX Bandung	B034	Bandung 3	14780	MUHAMAD RIDWAN	Bandung 2 1	50.09	KRISTIYANA HERMAWATI	50000489	AP.KARANGANYAR	JL. RAYA KARANGANYAR NO 3
2024	12	PADANG BA 17662	ACHMAD CH INDO3	WILAYAH 3	58110	ARIEF FAHMI 2134	OPTIX Bandung	B034	Bandung 3	14780	MUHAMAD RIDWAN	Bandung 2 1	50.09	KRISTIYANA HERMAWATI	50000491	KLINIK PARUNG	JL. RAYA PARUNG NO 21
2024	12	PADANG BA 17662	ACHMAD CH INDO3	WILAYAH 3	58110	ARIEF FAHMI 2134	OPTIX Bandung	B034	Bandung 3	14780	MUHAMAD RIDWAN	Bandung 2 1	50.09	KRISTIYANA HERMAWATI	50000493	AP.SUKARAHAYU	JL. RAYA SUKARAHAYU NO 7
2024	12	PADANG BA 17662	ACHMAD CH INDO3	WILAYAH 3	58110	ARIEF FAHMI 2134	OPTIX Bandung	B034	Bandung 3	14780	MUHAMAD RIDWAN	Bandung 2 1	50.09	KRISTIYANA HERMAWATI	50000495	APOTEK DANGDEUR	JL. RAYA DANGDEUR NO 16
2024	12	PADANG BA 17662	ACHMAD CH INDO3	WILAYAH 3	58110	ARIEF FAHMI 2134	OPTIX Bandung	B034	Bandung 3	14780	MUHAMAD RIDWAN	Bandung 2 1	50.09	KRISTIYANA HERMAWATI	50000497	AP.WANAREJA	JL. RAYA WANAREJA NO 5
2024	12	PADANG BA 17662	ACHMAD CH INDO3	WILAYAH 3	58110	ARIEF FAHMI 2134	OPTIX Bandung	B034	Bandung 3	14780	MUHAMAD RIDWAN	Bandung 2 1	50.09	KRISTIYANA HERMAWATI	50000499	APOTEK PASIRKAREUMBI	JL. RAYA PASIRKAREUMBI NO 8
2024	12	PADANG BA 17662	ACHMAD CH INDO3	WILAYAH 3	58110	ARIEF FAHMI 2134	OPTIX Bandung	B034	Bandung 3	14780	MUHAMAD RIDWAN	Bandung 2 1	50.09	KRISTIYANA HERMAWATI	50000501	AP.KARANGWANGI	JL. RAYA KARANGWANGI NO 12
2024	12	PADANG BA 17662	ACHMAD CH INDO3	WILAYAH 3	58110	ARIEF FAHMI 2134	OPTIX Bandung	B034	Bandung 3	14780	MUHAMAD RIDWAN	Bandung 2 1	50.09	KRISTIYANA HERMAWATI	50000503	KLINIK JATIREJA	JL. RAYA JATIREJA NO 4
2024	12	PADANG BA 17662	ACHMAD CH INDO3	WILAYAH 3	58110	ARIEF FAHMI 2134	OPTIX Bandung	B034	Bandung 3	14780	MUHAMAD RIDWAN	Bandung 2 1	50.09	KRISTIYANA HERMAWATI	50000505	AP.CIGANGGAWA	JL. RAYA CIGANGGAWA NO 6
2024	12	PADANG BA 17662	ACHMAD CH INDO3	WILAYAH 3	58110	ARIEF FAHMI 2134	OPTIX Bandung	B034	Bandung 3	14780	MUHAMAD RIDWAN	Bandung 2 1	50.09	KRISTIYANA HERMAWATI	50000507	APOTEK MANDALAWANGI	JL. RAYA MANDALAWANGI NO 10
2024	12	PADANG BA 17662	ACHMAD CH INDO3	WILAYAH 3	58110	ARIEF FAHMI 2134	OPTIX Bandung	B034	Bandung 3	14780	MUHAMAD RIDWAN	Bandung 2 1	50.09	KRISTIYANA HERMAWATI	50000509	AP.NUSA INDAH	JL. RAYA NUSA INDAH NO 3
2024	12	PADANG BA 17662	ACHMAD CH INDO3	WILAYAH 3	58110	ARIEF FAHMI 2134	OPTIX Bandung	B034	Bandung 3	14780	MUHAMAD RIDWAN	Bandung 2 1	50.09	KRISTIYANA HERMAWATI	50000511	APOTEK KIARA	JL. RAYA KIARA NO 18
2024	12	PADANG BA 17662	ACHMAD CH INDO3	WILAYAH 3	58110	ARIEF FAHMI 2134	OPTIX Bandung	B034	Bandung 3	14780	MUHAMAD RIDWAN	Bandung 2 1	50.09	KRISTIYANA HERMAWATI	50000513	AP.CIHERANG	JL. RAYA CIHERANG NO 2
2024	12	PADANG BA 17662	ACHMAD CH INDO3	WILAYAH 3	58110	ARIEF FAHMI 2134	OPTIX Bandung	B034	Bandung 3	14780	MUHAMAD RIDWAN	Bandung 2 1	50.09	KRISTIYANA HERMAWATI	50000515	KLINIK TANJUNGWANGI	JL. RAYA TANJUNGWANGI NO 9
2024	12	PADANG BA 17662	ACHMAD CH INDO3	WILAYAH 3	58110	ARIEF FAHMI 2134	OPTIX Bandung	B034	Bandung 3	14780	MUHAMAD RIDWAN	Bandung 2 1	50.09	KRISTIYANA HERMAWATI	50000517	AP.SIMPANG	JL. RAYA SIMPANG NO 24
2024	12	PADANG BA 17662	ACHMAD CH INDO3	WILAYAH 3	58110	ARIEF FAHMI 2134	OPTIX Bandung	B034	Bandung 3	14780	MUHAMAD RIDWAN	Bandung 2 1	50.09	KRISTIYANA HERMAWATI	50000519	APOTEK CIEMPEREUN	JL. RAYA CIEMPEREUN NO 5
2024	12	PADANG BA 17662	ACHMAD CH INDO3	WILAYAH 3	58110	ARIEF FAHMI 2134	OPTIX Bandung	B034	Bandung 3	14780	MUHAMAD RIDWAN	Bandung 2 1	50.09	KRISTIYANA HERMAWATI	50000521	AP.SUKAMULYA	JL. RAYA SUKAMULYA NO 11
2024	12	PADANG BA 17662	ACHMAD CH INDO3	WILAYAH 3	58110	ARIEF FAHMI 2134	OPTIX Bandung	B034	Bandung 3	14780	MUHAMAD RIDWAN	Bandung 2 1	50.09	KRISTIYANA HERMAWATI	50000523	APOTEK GEMBOR	JL. RAYA GEMBOR NO 7
2024	12	PADANG BA 17662	ACHMAD CH INDO3	WILAYAH 3	58110	ARIEF FAHMI 2134	OPTIX Bandung	B034	Bandung 3	14780	MUHAMAD RIDWAN	Bandung 2 1	50.09	KRISTIYANA HERMAWATI	50000525	AP.PAMOYANAN	JL. RAYA PAMOYANAN NO 3
2024	12	PADANG BA 17662	ACHMAD CH INDO3	WILAYAH 3	58110	ARIEF FAHMI 2134	OPTIX Bandung	B034	Bandung 3	14780	MUHAMAD RIDWAN	Bandung 2 1	50.09	KRISTIYANA HERMAWATI	50000527	KLINIK KARANGHEGAR	JL. RAYA KARANGHEGAR NO 14
2024	12	PADANG BA 17662	ACHMAD CH INDO3	WILAYAH 3	58110	ARIEF FAHMI 2134	OPTIX Bandung	B034	Bandung 3	14780	MUHAMAD RIDWAN	Bandung 2 1	50.09	KRISTIYANA HERMAWATI	50000529	AP.CIBEUNYING	JL. RAYA CIBEUNYING NO 6
2024	12	PADANG BA 17662	ACHMAD CH INDO3	WILAYAH 3	58110	ARIEF FAHMI 2134	OPTIX Bandung	B034	Bandung 3	14780	MUHAMAD RIDWAN	Bandung 2 1	50.09	KRISTIYANA HERMAWATI	50000531	APOTEK NANGGERANG	JL. RAYA NANGGERANG NO 8
2024	12	PADANG BA 17662	ACHMAD CH INDO3	WILAYAH 3	58110	ARIEF FAHMI 2134	OPTIX Bandung	B034	Bandung 3	14780	MUHAMAD RIDWAN	Bandung 2 1	50.09	KRISTIYANA HERMAWATI	50000533	AP.SIRNAGALIH	JL. RAYA SIRNAGALIH NO 2
2024	12	PADANG BA 17662	ACHMAD CH INDO3	WILAYAH 3	58110	ARIEF FAHMI 2134	OPTIX Bandung	B034	Bandung 3	14780	MUHAMAD RIDWAN	Bandung 2 1	50.09	KRISTIYANA HERMAWATI	50000535	APOTEK BENDUNGAN	JL. RAYA BENDUNGAN NO 19
2024	12	PADANG BA 17662	ACHMAD CH INDO3	WILAYAH 3	58110	ARIEF FAHMI 2134	OPTIX Bandung	B034	Bandung 3	14780	MUHAMAD RIDWAN	Bandung 2 1	50.09	KRISTIYANA HERMAWATI	50000537	AP.CURUGRENDENG	JL. RAYA CURUGRENDENG NO 4
2024	12	PADANG BA 17662	ACHMAD CH INDO3	WILAYAH 3	58110	ARIEF FAHMI 2134	OPTIX Bandung	B034	Bandung 3	14780	MUHAMAD RIDWAN	Bandung 2 1	50.09	KRISTIYANA HERMAWATI	50000539	KLINIK MARGASARI	JL. RAYA MARGASARI NO 10
2024	12	PADANG BA 17662	ACHMAD CH INDO3	WILAYAH 3	58110	ARIEF FAHMI 2134	OPTIX Bandung	B034	Bandung 3	14780	MUHAMAD RIDWAN	Bandung 2 1	50.09	KRISTIYANA HERMAWATI	50000541	AP.SINDANGLAYA	JL. RAYA SINDANGLAYA NO 7
2024	12	PADANG BA 17662	ACHMAD CH INDO3	WILAYAH 3	58110	ARIEF FAHMI 2134	OPTIX Bandung	B034	Bandung 3	14780	MUHAMAD RIDWAN	Bandung 2 1	50.09	KRISTIYANA HERMAWATI	50000543	APOTEK CIBITU	JL. RAYA CIBITU NO 15
2024	12	PADANG BA 17662	ACHMAD CH INDO3	WILAYAH 3	58110	ARIEF FAHMI 2134	OPTIX Bandung	B034	Bandung 3	14780	MUHAMAD RIDWAN	Bandung 2 1	50.09	KRISTIYANA HERMAWATI	50000545	AP.NAGRAK	JL. RAYA NAGRAK NO 3
2024	12	PADANG BA 17662	ACHMAD CH INDO3	WILAYAH 3	58110	ARIEF FAHMI 2134	OPTIX Bandung	B034	Bandung 3	14780	MUHAMAD RIDWAN	Bandung 2 1	50.09	KRISTIYANA HERMAWATI	50000547	APOTEK CIBEUSI	JL. RAYA CIBEUSI NO 9
2024	12	PADANG BA 17662	ACHMAD CH INDO3	WILAYAH 3	58110	ARIEF FAHMI 2134	OPTIX Bandung	B034	Bandung 3	14780	MUHAMAD RIDWAN	Bandung 2 1	50.09	KRISTIYANA HERMAWATI	50000549	AP.JATIMULYA	JL. RAYA JATIMULYA NO 5
2024	12	PADANG BA 17662	ACHMAD CH INDO3	WILAYAH 3	58110	ARIEF FAHMI 2134	OPTIX Bandung	B034	Bandung 3	14780	MUHAMAD RIDWAN	Bandung 2 1	50.09	KRISTIYANA HERMAWATI	50000551	KLINIK SUKAJADI	JL. RAYA SUKAJADI NO 28
2024	12	PADANG BA 17662	ACHMAD CH INDO3	WILAYAH 3	58110	ARIEF FAHMI 2134	OPTIX Bandung	B034	Bandung 3	14780	MUHAMAD RIDWAN	Bandung 2 1	50.09	KRISTIYANA HERMAWATI	50000553	AP.MANDIRI SEHAT	JL. RAYA MANDIRI NO 2
2024	12	PADANG BA 17662	ACHMAD CH INDO3	WILAYAH 3	58110	ARIEF FAHMI 2134	OPTIX Bandung	B034	Bandung 3	14780	MUHAMAD RIDWAN	Bandung 2 1	50.09	KRISTIYANA HERMAWATI	50000555	APOTEK CIPEDES	JL. RAYA CIPEDES NO 11
2024	12	PADANG BA 17662	ACHMAD CH INDO3	WILAYAH 3	58110	ARIEF FAHMI 2134	OPTIX Bandung	B034	Bandung 3	14780	MUHAMAD RIDWAN	Bandung 2 1	50.09	KRISTIYANA HERMAWATI	50000557	AP.BOJONGSARI	JL. RAYA BOJONGSARI NO 6
2024	12	PADANG BA 17662	ACHMAD CH INDO3	WILAYAH 3	58110	ARIEF FAHMI 2134	OPTIX Bandung	B034	Bandung 3	14780	MUHAMAD RIDWAN	Bandung 2 1	50.09	KRISTIYANA HERMAWATI	50000559	APOTEK KERTAJAYA	JL. RAYA KERTAJAYA NO 17
2024	12	PADANG BA 17662	ACHMAD CH INDO3	WILAYAH 3	58110	ARIEF FAHMI 2134	OPTIX Bandung	B034	Bandung 3	14780	MUHAMAD RIDWAN	Bandung 2 1	50.09	KRISTIYANA HERMAWATI	50000561	AP.RAHAYU	JL. RAYA RAHAYU NO 3
2024	12	PADANG BA 17662	ACHMAD CH INDO3	WILAYAH 3	58110	ARIEF FAHMI 2134	OPTIX Bandung	B034	Bandung 3	14780	MUHAMAD RIDWAN	Bandung 2 1	50.09	KRISTIYANA HERMAWATI	50000563	KLINIK GUNUNGSARI	JL. RAYA GUNUNGSARI NO 8
2024	12	PADANG BA 17662	ACHMAD CH INDO3	WILAYAH 3	58110	ARIEF FAHMI 2134	OPTIX Bandung	B034	Bandung 3	14780	MUHAMAD RIDWAN	Bandung 2 1	50.09	KRISTIYANA HERMAWATI	50000565	AP.CIKAHURIPAN	JL. RAYA CIKAHURIPAN NO 4
2024	12	PADANG BA 17662	ACHMAD CH INDO3	WILAYAH 3	58110	ARIEF FAHMI 2134	OPTIX Bandung	B034	Bandung 3	14780	MUHAMAD RIDWAN	Bandung 2 1	50.09	KRISTIYANA HERMAWATI	50000567	APOTEK LENGKONG	JL. RAYA LENGKONG NO 20
2024	12	PADANG BA 17662	ACHMAD CH INDO3	WILAYAH 3	58110	ARIEF FAHMI 2134	OPTIX Bandung	B034	Bandung 3	14780	MUHAMAD RIDWAN	Bandung 2 1	50.09	KRISTIYANA HERMAWATI	50000569	AP.PASIRJAYA	JL. RAYA PASIRJAYA NO 9
2024	12	PADANG BA 17662	ACHMAD CH INDO3	WILAYAH 3	58110	ARIEF FAHMI 2134	OPTIX Bandung	B034	Bandung 3	14780	MUHAMAD RIDWAN	Bandung 2 1	50.09	KRISTIYANA HERMAWATI	50000571	APOTEK SUKARAJA	JL. RAYA SUKARAJA NO 5
2024	12	PADANG BA 17662	ACHMAD CH INDO3	WILAYAH 3	58110	ARIEF FAHMI 2134	OPTIX Bandung	B034	Bandung 3	14780	MUHAMAD RIDWAN	Bandung 2 1	50.09	KRISTIYANA HERMAWATI	50000573	AP.CILEDUG	JL. P. CILEDUG NO 13
2024	12	PADANG BA 17662	ACHMAD CH INDO3	WILAYAH 3	58110	ARIEF FAHMI 2134	OPTIX Bandung	B034	Bandung 3	14780	MUHAMAD RIDWAN	Bandung 2 1	50.09	KRISTIYANA HERMAWATI	50000575	KLINIK CIMANGGU	JL. RAYA CIMANGGU NO 2
2024	12	PADANG BA 17662	ACHMAD CH INDO3	WILAYAH 3	58110	ARIEF FAHMI 2134	OPTIX Bandung	B034	Bandung 3	14780	MUHAMAD RIDWAN	Bandung 2 1	50.09	KRISTIYANA HERMAWATI	50000577	AP.BABAKAN	JL. RAYA BABAKAN NO 16
2024	12	PADANG BA 17662	ACHMAD CH INDO3	WILAYAH 3	58110	ARIEF FAHMI 2134	OPTIX Bandung	B034	Bandung 3	14780	MUHAMAD RIDWAN	Bandung 2 1	50.09	KRISTIYANA HERMAWATI	50000579	APOTEK CIJERAH	JL. RAYA CIJERAH NO 7
2024	12	PADANG BA 17662	ACHMAD CH INDO3	WILAYAH 3	58110	ARIEF FAHMI 2134	OPTIX Bandung	B034	Bandung 3	14780	MUHAMAD RIDWAN	Bandung 2 1	50.09	KRISTIYANA HERMAWATI	50000581	AP.SUKAGALIH	JL. RAYA SUKAGALIH NO 10
2024	12	PADANG BA 17662	ACHMAD CH INDO3	WILAYAH 3	58110	ARIEF FAHMI 2134	OPTIX Bandung	B034	Bandung 3	14780	MUHAMAD RIDWAN	Bandung 2 1	50.09	KRISTIYANA HERMAWATI	50000583	APOTEK KOPO INDAH	JL. KOPO NO 201
2024	12	PADANG BA 17662	ACHMAD CH INDO3	WILAYAH 3	58110	ARIEF FAHMI 2134	OPTIX Bandung	B034	Bandung 3	14780	MUHAMAD RIDWAN	Bandung 2 1	50.09	KRISTIYANA HERMAWATI	50000585	AP.MARGAHAYU	JL. RAYA MARGAHAYU NO 5
2024	12	PADANG BA 17662	ACHMAD CH INDO3	WILAYAH 3	58110	ARIEF FAHMI 2134	OPTIX Bandung	B034	Bandung 3	14780	MUHAMAD RIDWAN	Bandung 2 1	50.09	KRISTIYANA HERMAWATI	50000587	KLINIK CIGONDEWAH	JL. RAYA CIGONDEWAH NO 12
2024	12	PADANG BA 17662	ACHMAD CH INDO3	WILAYAH 3	58110	ARIEF FAHMI 2134	OPTIX Bandung	B034	Bandung 3	14780	MUHAMAD RIDWAN	Bandung 2 1	50.09	KRISTIYANA HERMAWATI	50000589	AP.RANCAEKEK	JL. RAYA RANCAEKEK NO 30
2024	12	PADANG BA 17662	ACHMAD CH INDO3	WILAYAH 3	58110	ARIEF FAHMI 2134	OPTIX Bandung	B034	Bandung 3	14780	MUHAMAD RIDWAN	Bandung 2 1	50.09	KRISTIYANA HERMAWATI	50000591	APOTEK CICALENGKA	JL. RAYA CICALENGKA NO 4
2024	12	PADANG BA 17662	ACHMAD CH INDO3	WILAYAH 3	58110	ARIEF FAHMI 2134	OPTIX Bandung	B034	Bandung 3	14780	MUHAMAD RIDWAN	Bandung 2 1	50.09	KRISTIYANA HERMAWATI	50000593	AP.MAJALAYA	JL. RAYA MAJALAYA NO 18
2024	12	PADANG BA 17662	ACHMAD CH INDO3	WILAYAH 3	58110	ARIEF FAHMI 2134	OPTIX Bandung	B034	Bandung 3	14780	MUHAMAD RIDWAN	Bandung 2 1	50.09	KRISTIYANA HERMAWATI	50000595	APOTEK SOREANG	JL. RAYA SOREANG NO 9
2024	12	PADANG BA 17662	ACHMAD CH INDO3	WILAYAH 3	58110	ARIEF FAHMI 2134	OPTIX Bandung	B034	Bandung 3	14780	MUHAMAD RIDWAN	Bandung 2 1	50.09	KRISTIYANA HERMAWATI	50000597	AP.BALEENDAH	JL. RAYA BALEENDAH NO 22
2024	12	PADANG BA 17662	ACHMAD CH INDO3	WILAYAH 3	58110	ARIEF FAHMI 2134	OPTIX Bandung	B034	Bandung 3	14780	MUHAMAD RIDWAN	Bandung 2 1	50.09	KRISTIYANA HERMAWATI	50000599	KLINIK BANJARAN	JL. RAYA BANJARAN NO 3
2024	12	PADANG BA 17662	ACHMAD CH INDO3	WILAYAH 3	58110	ARIEF FAHMI 2134	OPTIX Bandung	B034	Bandung 3	14780	MUHAMAD RIDWAN	Bandung 2 1	50.09	KRISTIYANA HERMAWATI	50000601	AP.PAMEUNGPEUK	JL. RAYA PAMEUNGPEUK NO 7
2024	12	PADANG BA 17662	ACHMAD CH INDO3	WILAYAH 3	58110	ARIEF FAHMI 2134	OPTIX Bandung	B034	Bandung 3	14780	MUHAMAD RIDWAN	Bandung 2 1	50.09	KRISTIYANA HERMAWATI	50000603	APOTEK CIPARAY	JL. RAYA CIPARAY NO 14
2024	12	PADANG BA 17662	ACHMAD CH INDO3	WILAYAH 3	58110	ARIEF FAHMI 2134	OPTIX Bandung	B034	Bandung 3	14780	MUHAMAD RIDWAN	Bandung 2 1	50.09	KRISTIYANA HERMAWATI	50000605	AP.PACET	JL. RAYA PACET NO 2
2024	12	PADANG BA 17662	ACHMAD CH INDO3	WILAYAH 3	58110	ARIEF FAHMI 2134	OPTIX Bandung	B034	Bandung 3	14780	MUHAMAD RIDWAN	Bandung 2 1	50.09	KRISTIYANA HERMAWATI	50000607	APOTEK ARJASARI BARU	JL. RAYA ARJASARI NO 19
2024	12	PADANG BA 17662	ACHMAD CH INDO3	WILAYAH 3	58110	ARIEF FAHMI 2134	OPTIX Bandung	B034	Bandung 3	14780	MUHAMAD RIDWAN	Bandung 2 1	50.09	KRISTIYANA HERMAWATI	50000609	AP.KATAPANG	JL. RAYA KATAPANG NO 6
2024	12	PADANG BA 17662	ACHMAD CH INDO3	WILAYAH 3	58110	ARIEF FAHMI 2134	OPTIX Bandung	B034	Bandung 3	14780	MUHAMAD RIDWAN	Bandung 2 1	50.09	KRISTIYANA HERMAWATI	50000611	KLINIK PANGALENGAN	JL. RAYA PANGALENGAN NO 11
2024	12	PADANG BA 17662	ACHMAD CH INDO3	WILAYAH 3	58110	ARIEF FAHMI 2134	OPTIX Bandung	B034	Bandung 3	14780	MUHAMAD RIDWAN	Bandung 2 1	50.09	KRISTIYANA HERMAWATI	50000613	AP.CIMAUNG	JL. RAYA CIMAUNG NO 4
2024	12	PADANG BA 17662	ACHMAD CH INDO3	WILAYAH 3	58110	ARIEF FAHMI 2134	OPTIX Bandung	B034	Bandung 3	14780	MUHAMAD RIDWAN	Bandung 2 1	50.09	KRISTIYANA HERMAWATI	50000615	APOTEK CANGKUANG	JL. RAYA CANGKUANG NO 8
2024	12	PADANG BA 17662	ACHMAD CH INDO3	WILAYAH 3	58110	ARIEF FAHMI 2134	OPTIX Bandung	B034	Bandung 3	14780	MUHAMAD RIDWAN	Bandung 2 1	50.09	KRISTIYANA HERMAWATI	50000617	AP.NAGREG	JL. RAYA NAGREG NO 15
2024	12	PADANG BA 17662	ACHMAD CH INDO3	WILAYAH 3	58110	ARIEF FAHMI 2134	OPTIX Bandung	B034	Bandung 3	14780	MUHAMAD RIDWAN	Bandung 2 1	50.09	KRISTIYANA HERMAWATI	50000619	APOTEK CIKANCUNG	JL. RAYA CIKANCUNG NO 3
2024	12	PADANG BA 17662	ACHMAD CH INDO3	WILAYAH 3	58110	ARIEF FAHMI 2134	OPTIX Bandung	B034	Bandung 3	14780	MUHAMAD RIDWAN	Bandung 2 1	50.09	KRISTIYANA HERMAWATI	50000621	AP.SOLOKANJERUK	JL. RAYA SOLOKANJERUK NO 10
2024	12	PADANG BA 17662	ACHMAD CH INDO3	WILAYAH 3	58110	ARIEF FAHMI 2134	OPTIX Bandung	B034	Bandung 3	14780	MUHAMAD RIDWAN	Bandung 2 1	50.09	KRISTIYANA HERMAWATI	50000623	KLINIK PASEH	JL. RAYA PASEH NO 5
2024	12	PADANG BA 17662	ACHMAD CH INDO3	WILAYAH 3	58110	ARIEF FAHMI 2134	OPTIX Bandung	B034	Bandung 3	14780	MUHAMAD RIDWAN	Bandung 2 1	50.09	KRISTIYANA HERMAWATI	50000625	AP.IBUN	JL. RAYA IBUN NO 2
2024	12	PADANG BA 17662	ACHMAD CH INDO3	WILAYAH 3	58110	ARIEF FAHMI 2134	OPTIX Bandung	B034	Bandung 3	14780	MUHAMAD RIDWAN	Bandung 2 1	50.09	KRISTIYANA HERMAWATI	50000627	APOTEK KERTASARI	JL. RAYA KERTASARI NO 13
2024	12	PADANG BA 17662	ACHMAD CH INDO3	WILAYAH 3	58110	ARIEF FAHMI 2134	OPTIX Bandung	B034	Bandung 3	14780	MUHAMAD RIDWAN	Bandung 2 1	50.09	KRISTIYANA HERMAWATI	50000629	AP.CILENGKRANG	JL. RAYA CILENGKRANG NO 6
2024	12	PADANG BA 17662	ACHMAD CH INDO3	WILAYAH 3	58110	ARIEF FAHMI 2134	OPTIX Bandung	B034	Bandung 3	14780	MUHAMAD RIDWAN	Bandung 2 1	50.09	KRISTIYANA HERMAWATI	50000631	APOTEK CILEUNYI	JL. RAYA CILEUNYI NO 21
2024	12	PADANG BA 17662	ACHMAD CH INDO3	WILAYAH 3	58110	ARIEF FAHMI 2134	OPTIX Bandung	B034	Bandung 3	14780	MUHAMAD RIDWAN	Bandung 2 1	50.09	KRISTIYANA HERMAWATI	50000633	AP.CIMENYAN	JL. RAYA CIMENYAN NO 8
2024	12	PADANG BA 17662	ACHMAD CH INDO3	WILAYAH 3	58110	ARIEF FAHMI 2134	OPTIX Bandung	B034	Bandung 3	14780	MUHAMAD RIDWAN	Bandung 2 1	50.09	KRISTIYANA HERMAWATI	50000635	KLINIK BOJONGSOANG	JL. RAYA BOJONGSOANG NO 4
2024	12	PADANG BA 17662	ACHMAD CH INDO3	WILAYAH 3	58110	ARIEF FAHMI 2134	OPTIX Bandung	B034	Bandung 3	14780	MUHAMAD RIDWAN	Bandung 2 1	50.09	KRISTIYANA HERMAWATI	50000637	AP.DAYEUHKOLOT	JL. RAYA DAYEUHKOLOT NO 17
2024	12	PADANG BA 17662	ACHMAD CH INDO3	WILAYAH 3	58110	ARIEF FAHMI 2134	OPTIX Bandung	B034	Bandung 3	14780	MUHAMAD RIDWAN	Bandung 2 1	50.09	KRISTIYANA HERMAWATI	50000639	APOTEK MARGAASIH	JL. RAYA MARGAASIH NO 9
2024	12	PADANG BA 17662	ACHMAD CH INDO3	WILAYAH 3	58110	ARIEF FAHMI 2134	OPTIX Bandung	B034	Bandung 3	14780	MUHAMAD RIDWAN	Bandung 2 1	50.09	KRISTIYANA HERMAWATI	50000641	AP.RANCABALI	JL. RAYA RANCABALI NO 3
2024	12	PADANG BA 17662	ACHMAD CH INDO3	WILAYAH 3	58110	ARIEF FAHMI 2134	OPTIX Bandung	B034	Bandung 3	14780	MUHAMAD RIDWAN	Bandung 2 1	50.09	KRISTIYANA HERMAWATI	50000643	APOTEK CIWIDEY	JL. RAYA CIWIDEY NO 12
2024	12	PADANG BA 17662	ACHMAD CH INDO3	WILAYAH 3	58110	ARIEF FAHMI 2134	OPTIX Bandung	B034	Bandung 3	14780	MUHAMAD RIDWAN	Bandung 2 1	50.09	KRISTIYANA HERMAWATI	50000645	AP.PASIRJAMBU	JL. RAYA PASIRJAMBU NO 5
2024	12	PADANG BA 17662	ACHMAD CH INDO3	WILAYAH 3	58110	ARIEF FAHMI 2134	OPTIX Bandung	B034	Bandung 3	14780	MUHAMAD RIDWAN	Bandung 2 1	50.09	KRISTIYANA HERMAWATI	50000647	KLINIK KUTAWARINGIN	JL. RAYA KUTAWARINGIN NO 26
2024	12	PADANG BA 17662	ACHMAD CH INDO3	WILAYAH 3	58110	ARIEF FAHMI 2134	OPTIX Bandung	B034	Bandung 3	14780	MUHAMAD RIDWAN	Bandung 2 1	50.09	KRISTIYANA HERMAWATI	50000649	AP.CILILIN	JL. RAYA CILILIN NO 7
2024	12	PADANG BA 17662	ACHMAD CH INDO3	WILAYAH 3	58110	ARIEF FAHMI 2134	OPTIX Bandung	B034	Bandung 3	14780	MUHAMAD RIDWAN	Bandung 2 1	50.09	KRISTIYANA HERMAWATI	50000651	APOTEK SINDANGKERTA	JL. RAYA SINDANGKERTA NO 2
2024	12	PADANG BA 17662	ACHMAD CH INDO3	WILAYAH 3	58110	ARIEF FAHMI 2134	OPTIX Bandung	B034	Bandung 3	14780	MUHAMAD RIDWAN	Bandung 2 1	50.09	KRISTIYANA HERMAWATI	50000653	AP.GUNUNGHALU	JL. RAYA GUNUNGHALU NO 10
2024	12	PADANG BA 17662	ACHMAD CH INDO3	WILAYAH 3	58110	ARIEF FAHMI 2134	OPTIX Bandung	B034	Bandung 3	14780	MUHAMAD RIDWAN	Bandung 2 1	50.09	KRISTIYANA HERMAWATI	50000655	APOTEK CIPATAT	JL. RAYA CIPATAT NO 4
2024	12	PADANG BA 17662	ACHMAD CH INDO3	WILAYAH 3	58110	ARIEF FAHMI 2134	OPTIX Bandung	B034	Bandung 3	14780	MUHAMAD RIDWAN	Bandung 2 1	50.09	KRISTIYANA HERMAWATI	50000657	AP.PADALARANG	JL. RAYA PADALARANG NO 33
2024	12	PADANG BA 17662	ACHMAD CH INDO3	WILAYAH 3	58110	ARIEF FAHMI 2134	OPTIX Bandung	B034	Bandung 3	14780	MUHAMAD RIDWAN	Bandung 2 1	50.09	KRISTIYANA HERMAWATI	50000659	KLINIK NGAMPRAH	JL. RAYA NGAMPRAH NO 6
2024	12	PADANG BA 17662	ACHMAD CH INDO3	WILAYAH 3	58110	ARIEF FAHMI 2134	OPTIX Bandung	B034	Bandung 3	14780	MUHAMAD RIDWAN	Bandung 2 1	50.09	KRISTIYANA HERMAWATI	50000661	AP.BATUJAJAR	JL. RAYA BATUJAJAR NO 14
2024	12	PADANG BA 17662	ACHMAD CH INDO3	WILAYAH 3	58110	ARIEF FAHMI 2134	OPTIX Bandung	B034	Bandung 3	14780	MUHAMAD RIDWAN	Bandung 2 1	50.09	KRISTIYANA HERMAWATI	50000663	APOTEK CIHAMPELAS	JL. RAYA CIHAMPELAS NO 9
2024	12	PADANG BA 17662	ACHMAD CH INDO3	WILAYAH 3	58110	ARIEF FAHMI 2134	OPTIX Bandung	B034	Bandung 3	14780	MUHAMAD RIDWAN	Bandung 2 1	50.09	KRISTIYANA HERMAWATI	50000665	AP.PARONGPONG	JL. RAYA PARONGPONG NO 2
2024	12	PADANG BA 17662	ACHMAD CH INDO3	WILAYAH 3	58110	ARIEF FAHMI 2134	OPTIX Bandung	B034	Bandung 3	14780	MUHAMAD RIDWAN	Bandung 2 1	50.09	KRISTIYANA HERMAWATI	50000667	APOTEK LEMBANG	JL. RAYA LEMBANG NO 40
2024	12	PADANG BA 17662	ACHMAD CH INDO3	WILAYAH 3	58110	ARIEF FAHMI 2134	OPTIX Bandung	B034	Bandung 3	14780	MUHAMAD RIDWAN	Bandung 2 1	50.09	KRISTIYANA HERMAWATI	50000669	AP.CISARUA	JL. RAYA CISARUA NO 5
2024	12	PADANG BA 17662	ACHMAD CH INDO3	WILAYAH 3	58110	ARIEF FAHMI 2134	OPTIX Bandung	B034	Bandung 3	14780	MUHAMAD RIDWAN	Bandung 2 1	50.09	KRISTIYANA HERMAWATI	50000671	KLINIK CIKALONGWETAN	JL. RAYA CIKALONGWETAN NO 11
2024	12	PADANG BA 17662	ACHMAD CH INDO3	WILAYAH 3	58110	ARIEF FAHMI 2134	OPTIX Bandung	B034	Bandung 3	14780	MUHAMAD RIDWAN	Bandung 2 1	50.09	KRISTIYANA HERMAWATI	50000673	AP.CIPEUNDEUY BARU	JL. RAYA CIPEUNDEUY NO 8
2024	12	PADANG BA 17662	ACHMAD CH INDO3	WILAYAH 3	58110	ARIEF FAHMI 2134	OPTIX Bandung	B034	Bandung 3	14780	MUHAMAD RIDWAN	Bandung 2 1	50.09	KRISTIYANA HERMAWATI	50000675	APOTEK SAGULING	JL. RAYA SAGULING NO 3
2024	12	PADANG BA 17662	ACHMAD CH INDO3	WILAYAH 3	58110	ARIEF FAHMI 2134	OPTIX Bandung	B034	Bandung 3	14780	MUHAMAD RIDWAN	Bandung 2 1	50.09	KRISTIYANA HERMAWATI	50000677	AP.CIMAHI	JL. RAYA CIMAHI NO 120
2024	12	PADANG BA 17662	ACHMAD CH INDO3	WILAYAH 3	58110	ARIEF FAHMI 2134	OPTIX Bandung	B034	Bandung 3	14780	MUHAMAD RIDWAN	Bandung 2 1	50.09	KRISTIYANA HERMAWATI	50000679	APOTEK LEUWIGAJAH	JL. RAYA LEUWIGAJAH NO 15
2024	12	PADANG BA 17662	ACHMAD CH INDO3	WILAYAH 3	58110	ARIEF FAHMI 2134	OPTIX Bandung	B034	Bandung 3	14780	MUHAMAD RIDWAN	Bandung 2 1	50.09	KRISTIYANA HERMAWATI	50000681	AP.CIBABAT	JL. RAYA CIBABAT NO 7
2024	12	PADANG BA 17662	ACHMAD CH INDO3	WILAYAH 3	58110	ARIEF FAHMI 2134	OPTIX Bandung	B034	Bandung 3	14780	MUHAMAD RIDWAN	Bandung 2 1	50.09	KRISTIYANA HERMAWATI	50000683	KLINIK MELONG	JL. RAYA MELONG NO 4
